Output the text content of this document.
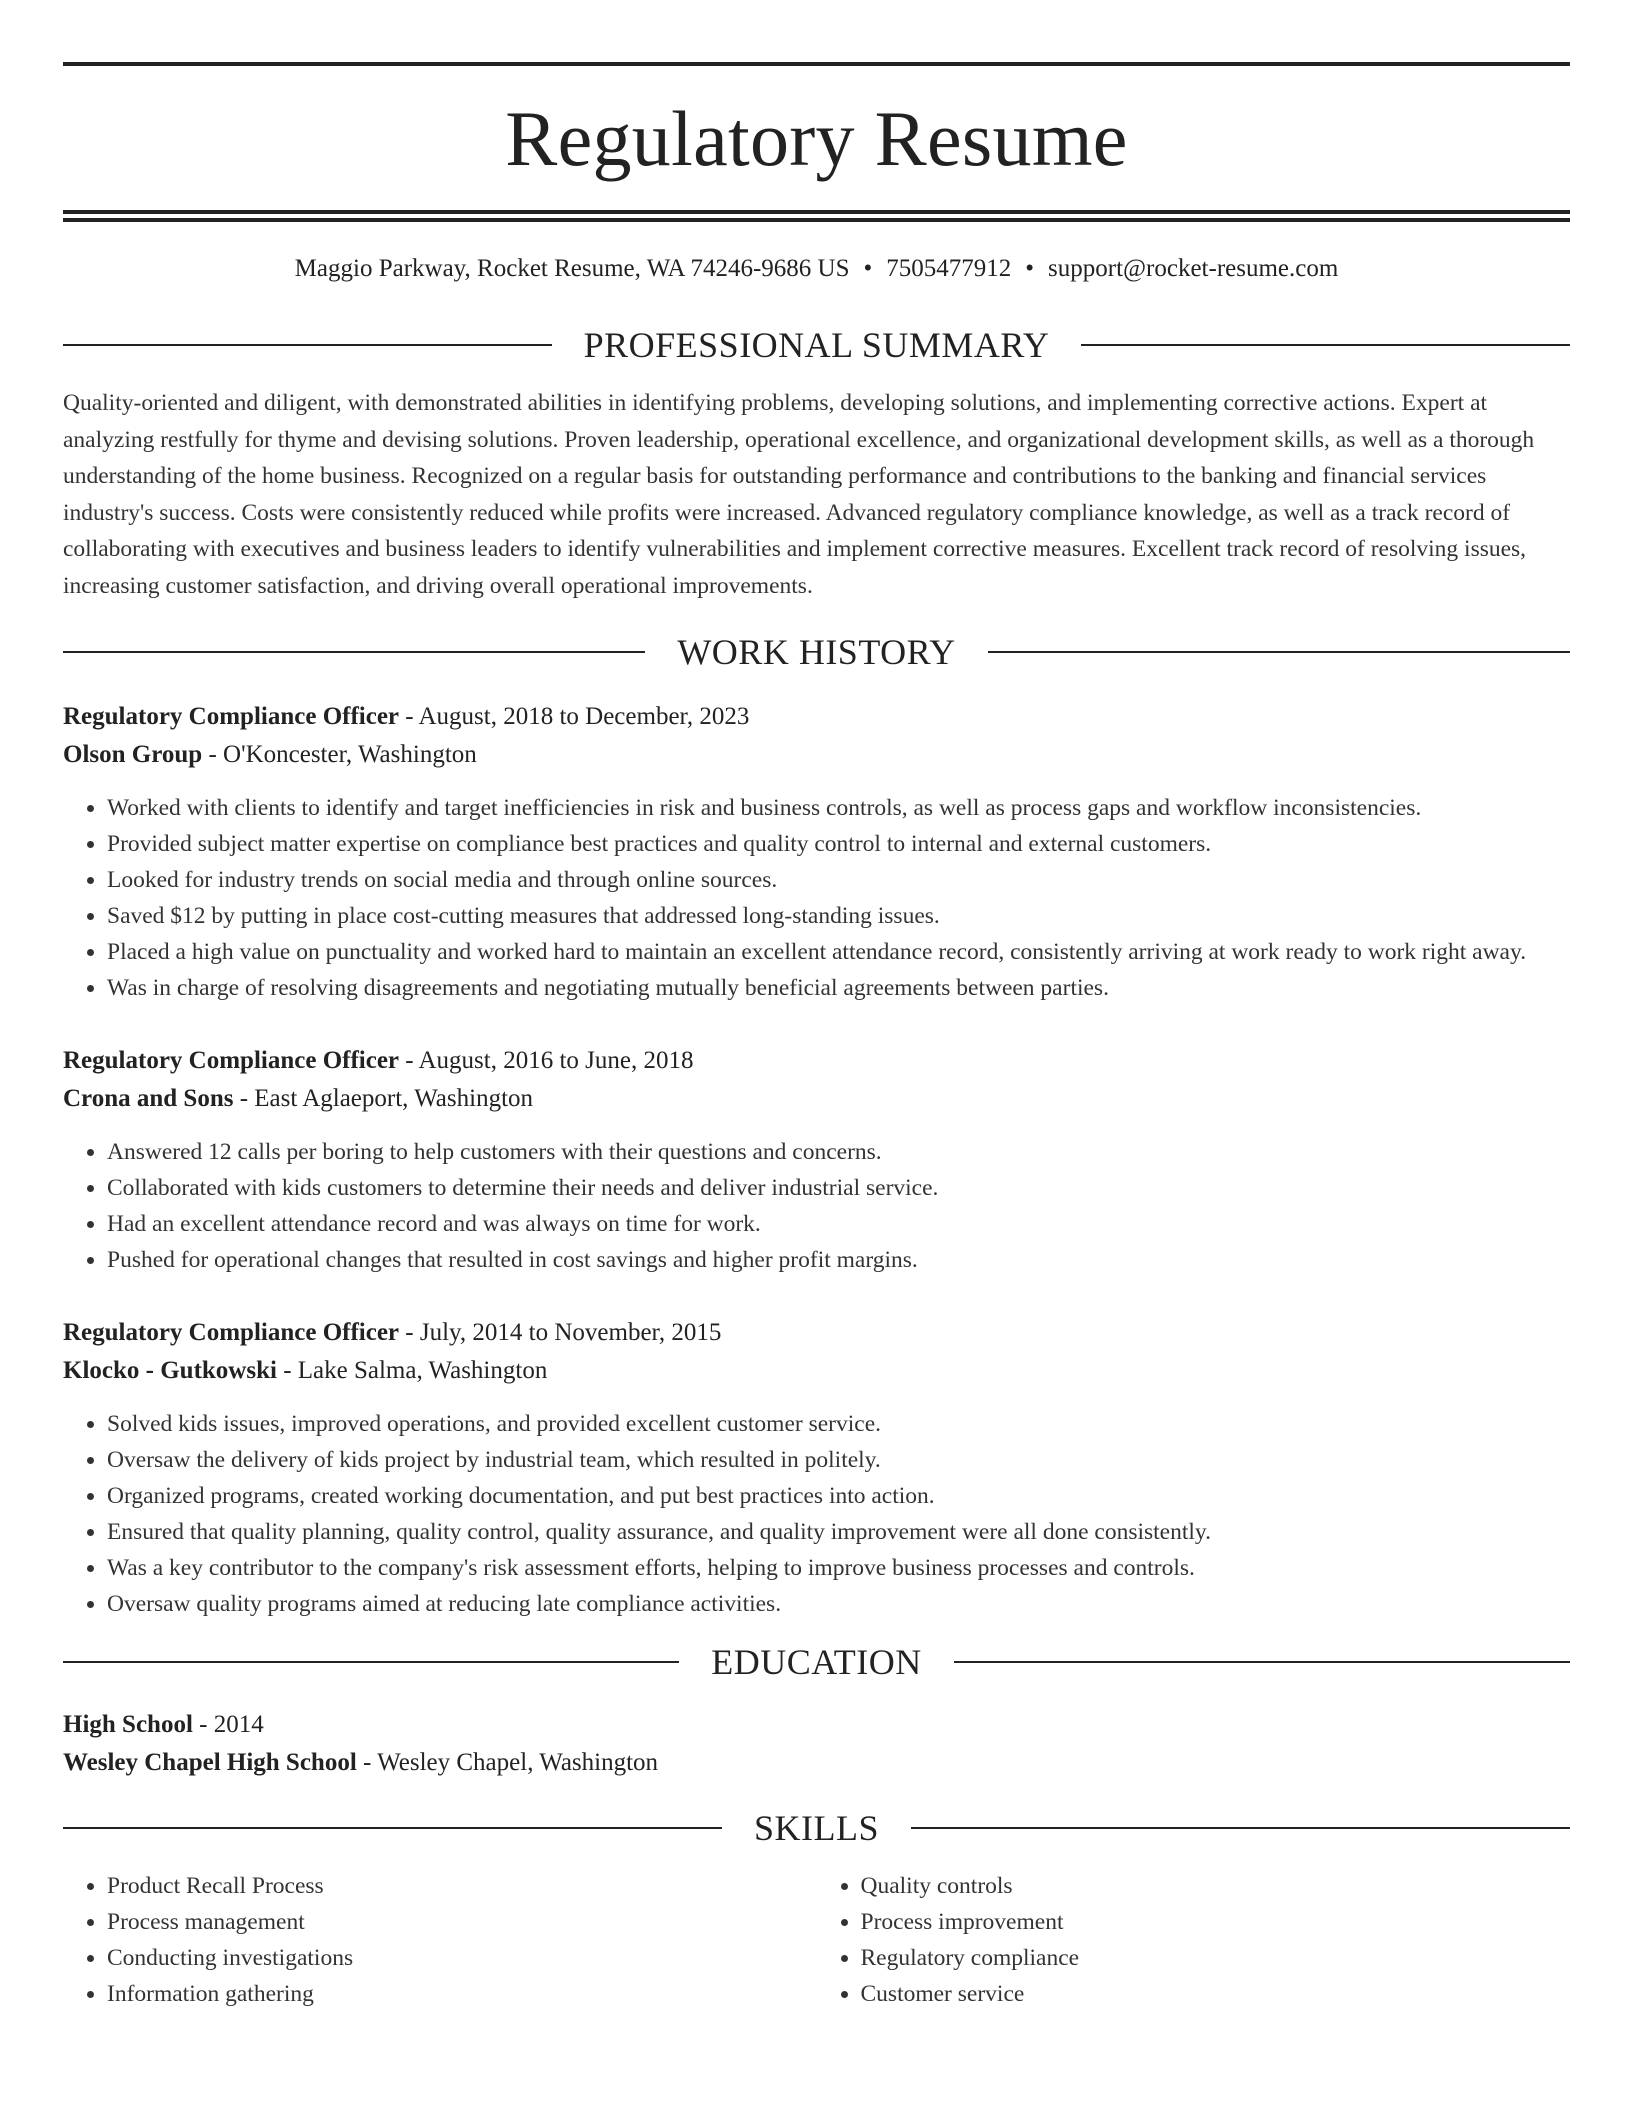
Regulatory Resume
Maggio Parkway, Rocket Resume, WA 74246-9686 US • 7505477912 • support@rocket-resume.com
PROFESSIONAL SUMMARY

Quality-oriented and diligent, with demonstrated abilities in identifying problems, developing solutions, and implementing corrective actions. Expert at analyzing restfully for thyme and devising solutions. Proven leadership, operational excellence, and organizational development skills, as well as a thorough understanding of the home business. Recognized on a regular basis for outstanding performance and contributions to the banking and financial services industry's success. Costs were consistently reduced while profits were increased. Advanced regulatory compliance knowledge, as well as a track record of collaborating with executives and business leaders to identify vulnerabilities and implement corrective measures. Excellent track record of resolving issues, increasing customer satisfaction, and driving overall operational improvements.

WORK HISTORY
Regulatory Compliance Officer - August, 2018 to December, 2023
Olson Group - O'Koncester, Washington
• Worked with clients to identify and target inefficiencies in risk and business controls, as well as process gaps and workflow inconsistencies.
• Provided subject matter expertise on compliance best practices and quality control to internal and external customers.
• Looked for industry trends on social media and through online sources.
• Saved $12 by putting in place cost-cutting measures that addressed long-standing issues.
• Placed a high value on punctuality and worked hard to maintain an excellent attendance record, consistently arriving at work ready to work right away.
• Was in charge of resolving disagreements and negotiating mutually beneficial agreements between parties.
Regulatory Compliance Officer - August, 2016 to June, 2018
Crona and Sons - East Aglaeport, Washington
• Answered 12 calls per boring to help customers with their questions and concerns.
• Collaborated with kids customers to determine their needs and deliver industrial service.
• Had an excellent attendance record and was always on time for work.
• Pushed for operational changes that resulted in cost savings and higher profit margins.
Regulatory Compliance Officer - July, 2014 to November, 2015
Klocko - Gutkowski - Lake Salma, Washington
• Solved kids issues, improved operations, and provided excellent customer service.
• Oversaw the delivery of kids project by industrial team, which resulted in politely.
• Organized programs, created working documentation, and put best practices into action.
• Ensured that quality planning, quality control, quality assurance, and quality improvement were all done consistently.
• Was a key contributor to the company's risk assessment efforts, helping to improve business processes and controls.
• Oversaw quality programs aimed at reducing late compliance activities.
EDUCATION
High School - 2014
Wesley Chapel High School - Wesley Chapel, Washington
SKILLS
• Product Recall Process
• Process management
• Conducting investigations
• Information gathering
• Quality controls
• Process improvement
• Regulatory compliance
• Customer service
